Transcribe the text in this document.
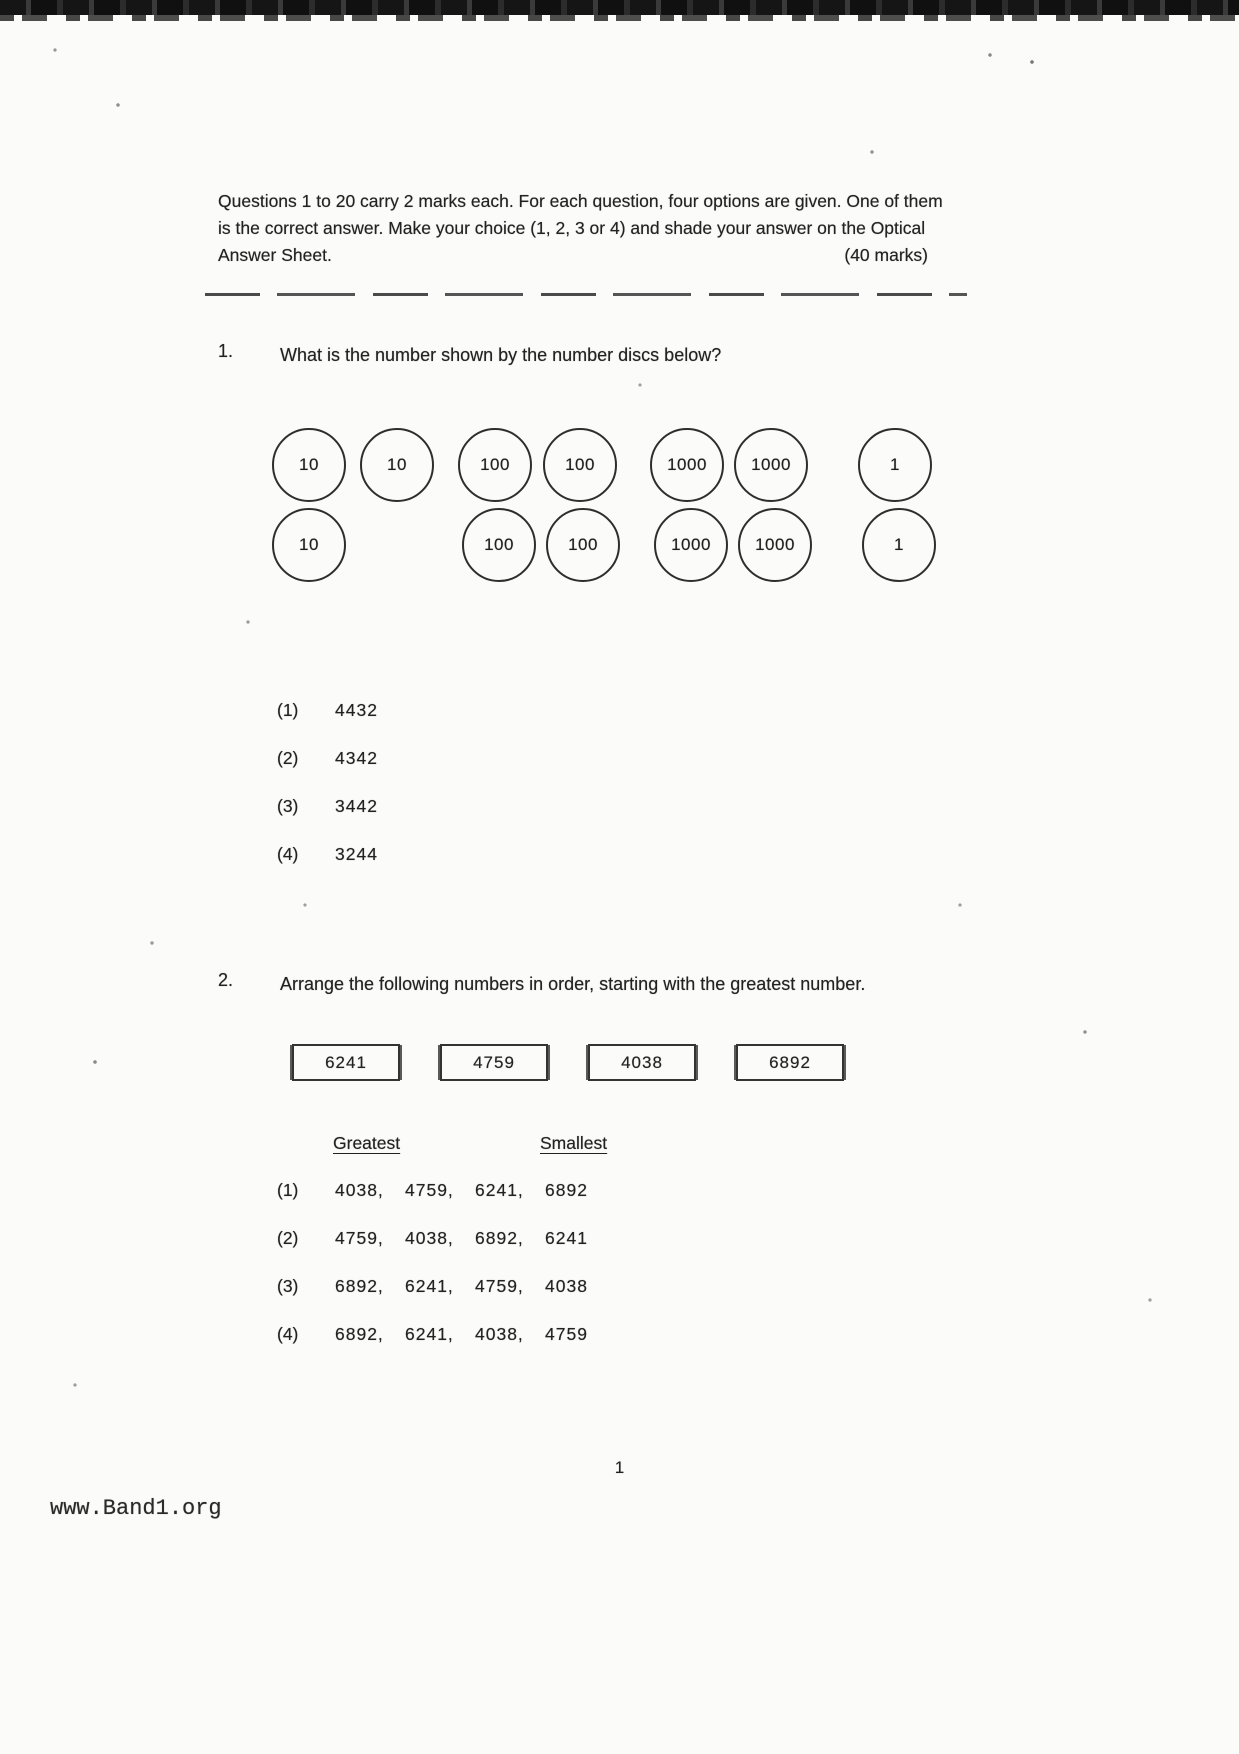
Questions 1 to 20 carry 2 marks each. For each question, four options are given. One of them is the correct answer. Make your choice (1, 2, 3 or 4) and shade your answer on the Optical Answer Sheet.	(40 marks)
1.	What is the number shown by the number discs below?
10	10	100	100	1000	1000	1
10	100	100	1000	1000	1
(1)	4432
(2)	4342
(3)	3442
(4)	3244
2.	Arrange the following numbers in order, starting with the greatest number.
6241	4759	4038	6892
Greatest	Smallest
(1)	4038,	4759,	6241,	6892
(2)	4759,	4038,	6892,	6241
(3)	6892,	6241,	4759,	4038
(4)	6892,	6241,	4038,	4759
1
www.Band1.org
